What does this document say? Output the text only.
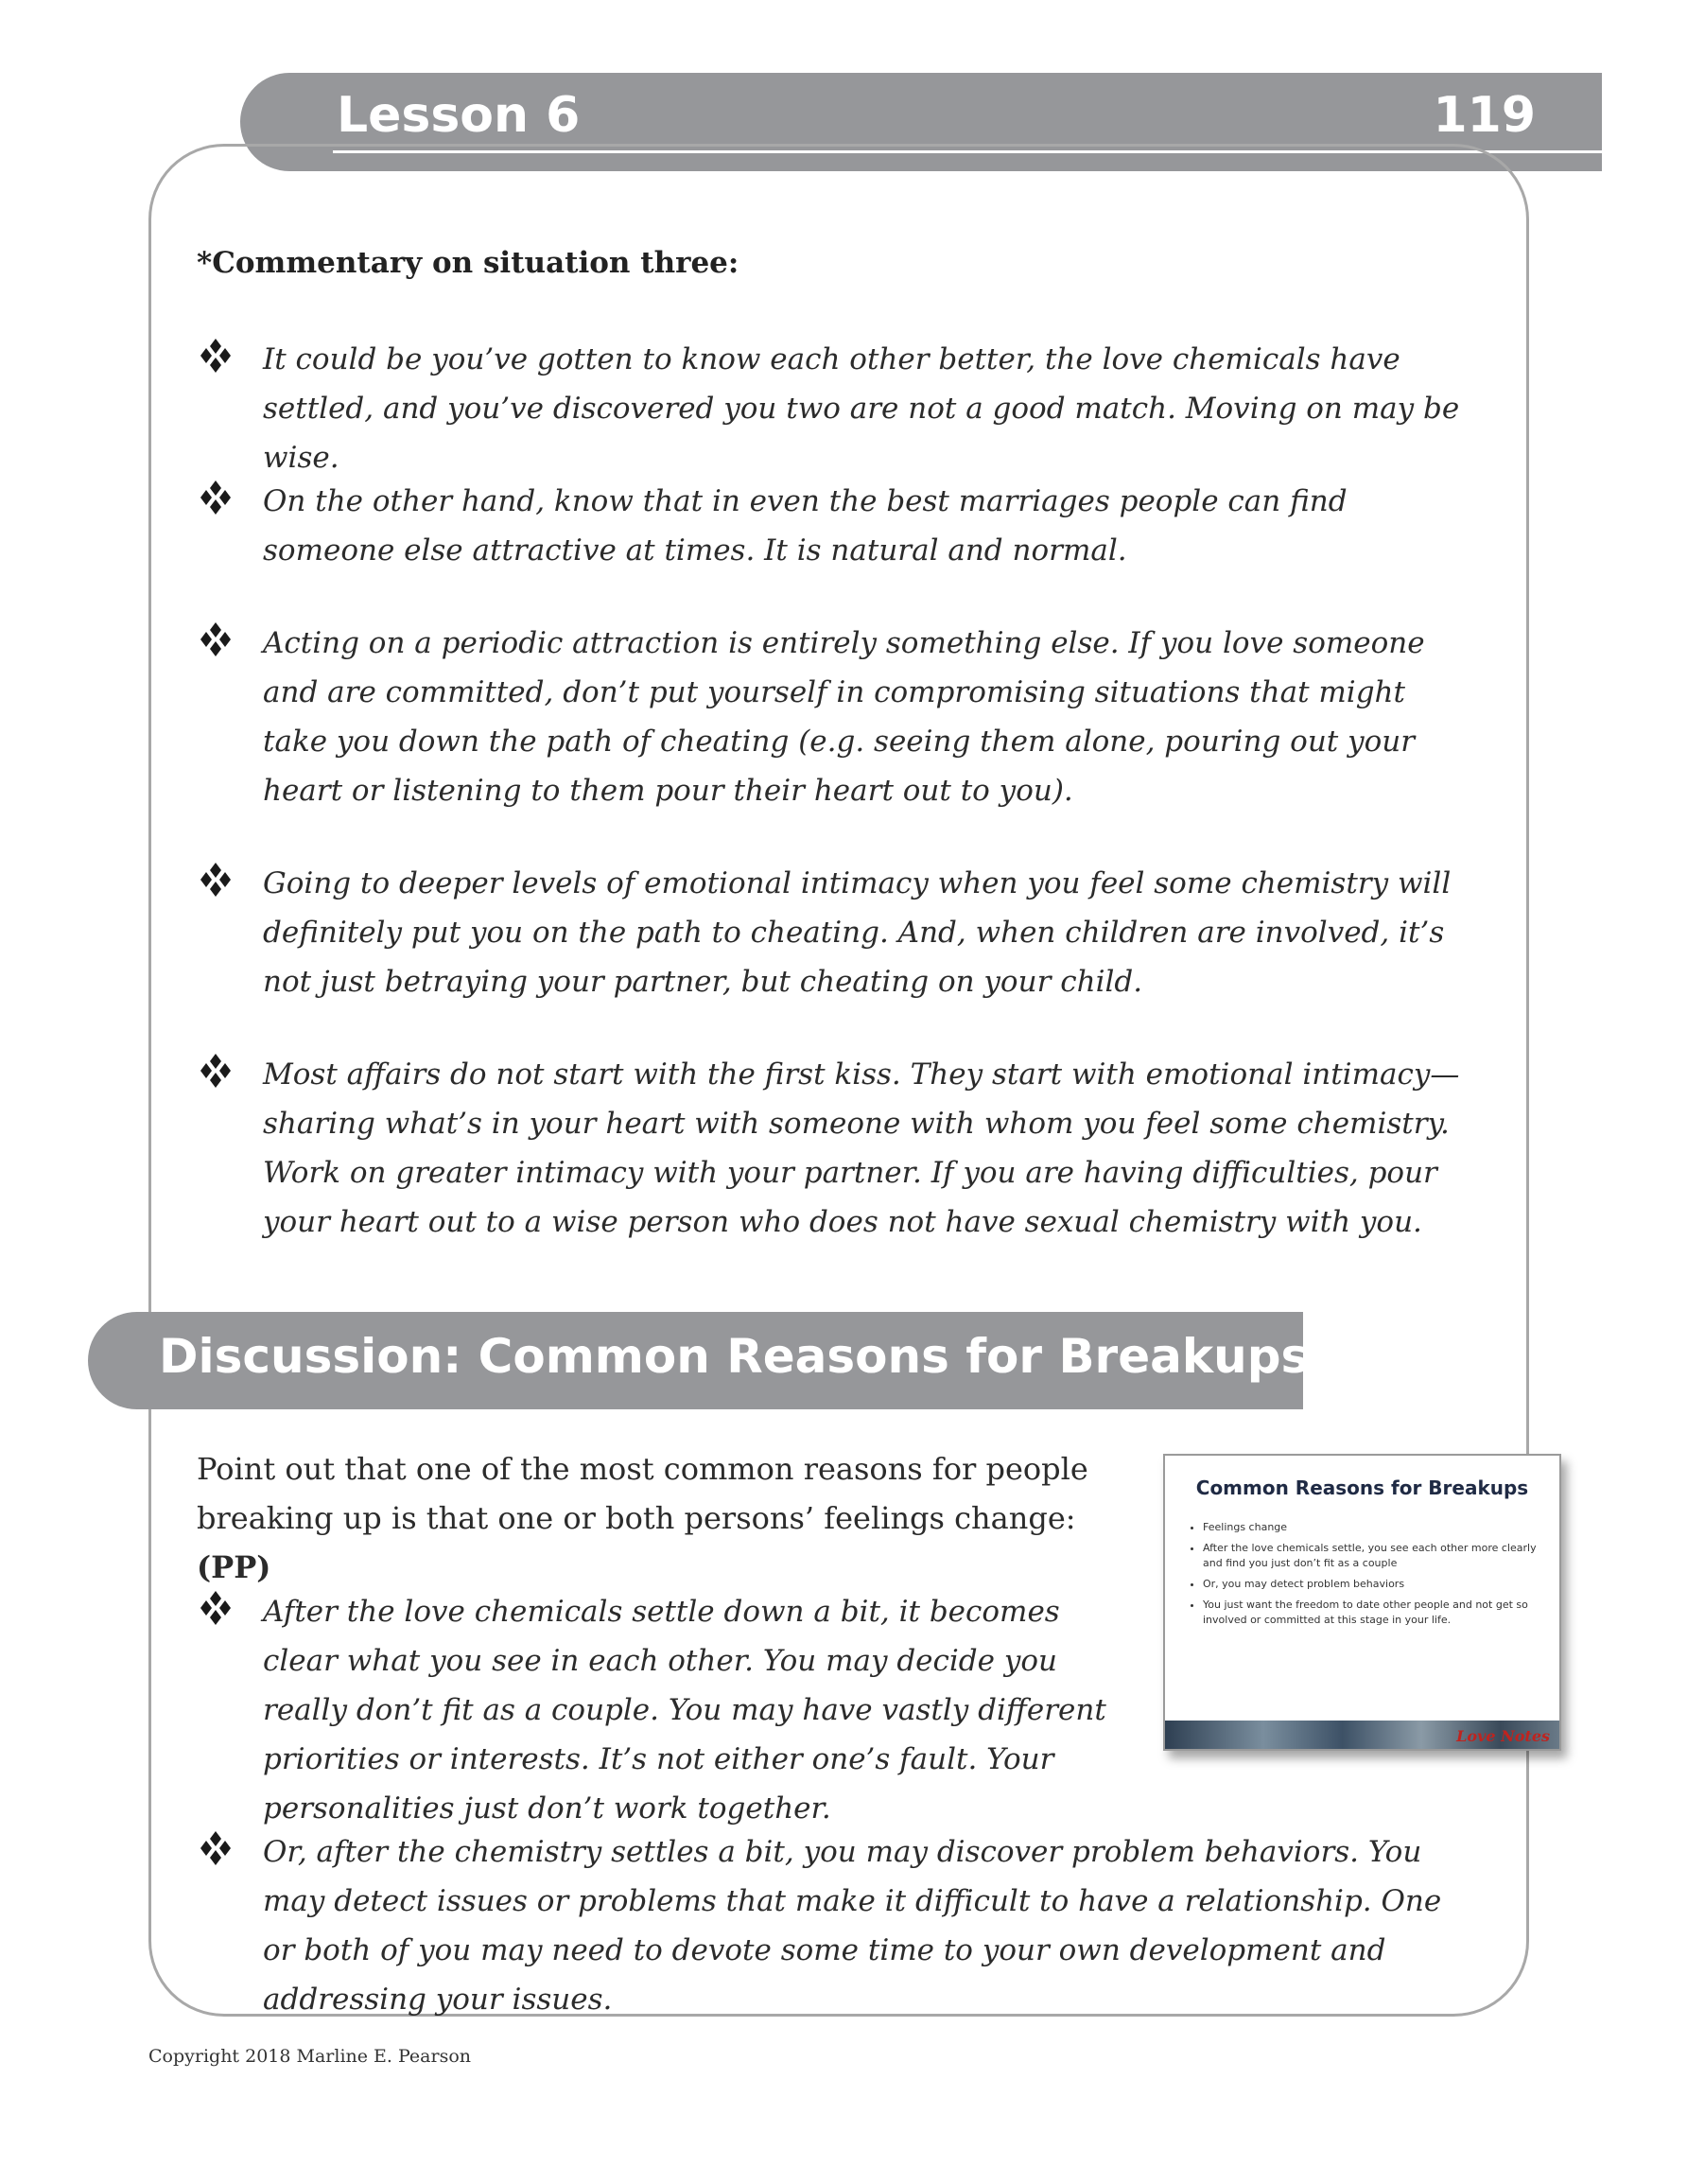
Lesson 6	119

*Commentary on situation three:

It could be you’ve gotten to know each other better, the love chemicals have settled, and you’ve discovered you two are not a good match. Moving on may be wise.

On the other hand, know that in even the best marriages people can find someone else attractive at times. It is natural and normal.

Acting on a periodic attraction is entirely something else. If you love someone and are committed, don’t put yourself in compromising situations that might take you down the path of cheating (e.g. seeing them alone, pouring out your heart or listening to them pour their heart out to you).

Going to deeper levels of emotional intimacy when you feel some chemistry will definitely put you on the path to cheating. And, when children are involved, it’s not just betraying your partner, but cheating on your child.

Most affairs do not start with the first kiss. They start with emotional intimacy—sharing what’s in your heart with someone with whom you feel some chemistry. Work on greater intimacy with your partner. If you are having difficulties, pour your heart out to a wise person who does not have sexual chemistry with you.

Discussion: Common Reasons for Breakups

Point out that one of the most common reasons for people breaking up is that one or both persons’ feelings change: (PP)

After the love chemicals settle down a bit, it becomes clear what you see in each other. You may decide you really don’t fit as a couple. You may have vastly different priorities or interests. It’s not either one’s fault. Your personalities just don’t work together.

Or, after the chemistry settles a bit, you may discover problem behaviors. You may detect issues or problems that make it difficult to have a relationship. One or both of you may need to devote some time to your own development and addressing your issues.

Common Reasons for Breakups

• Feelings change
• After the love chemicals settle, you see each other more clearly and find you just don’t fit as a couple
• Or, you may detect problem behaviors
• You just want the freedom to date other people and not get so involved or committed at this stage in your life.

Love Notes

Copyright 2018 Marline E. Pearson
